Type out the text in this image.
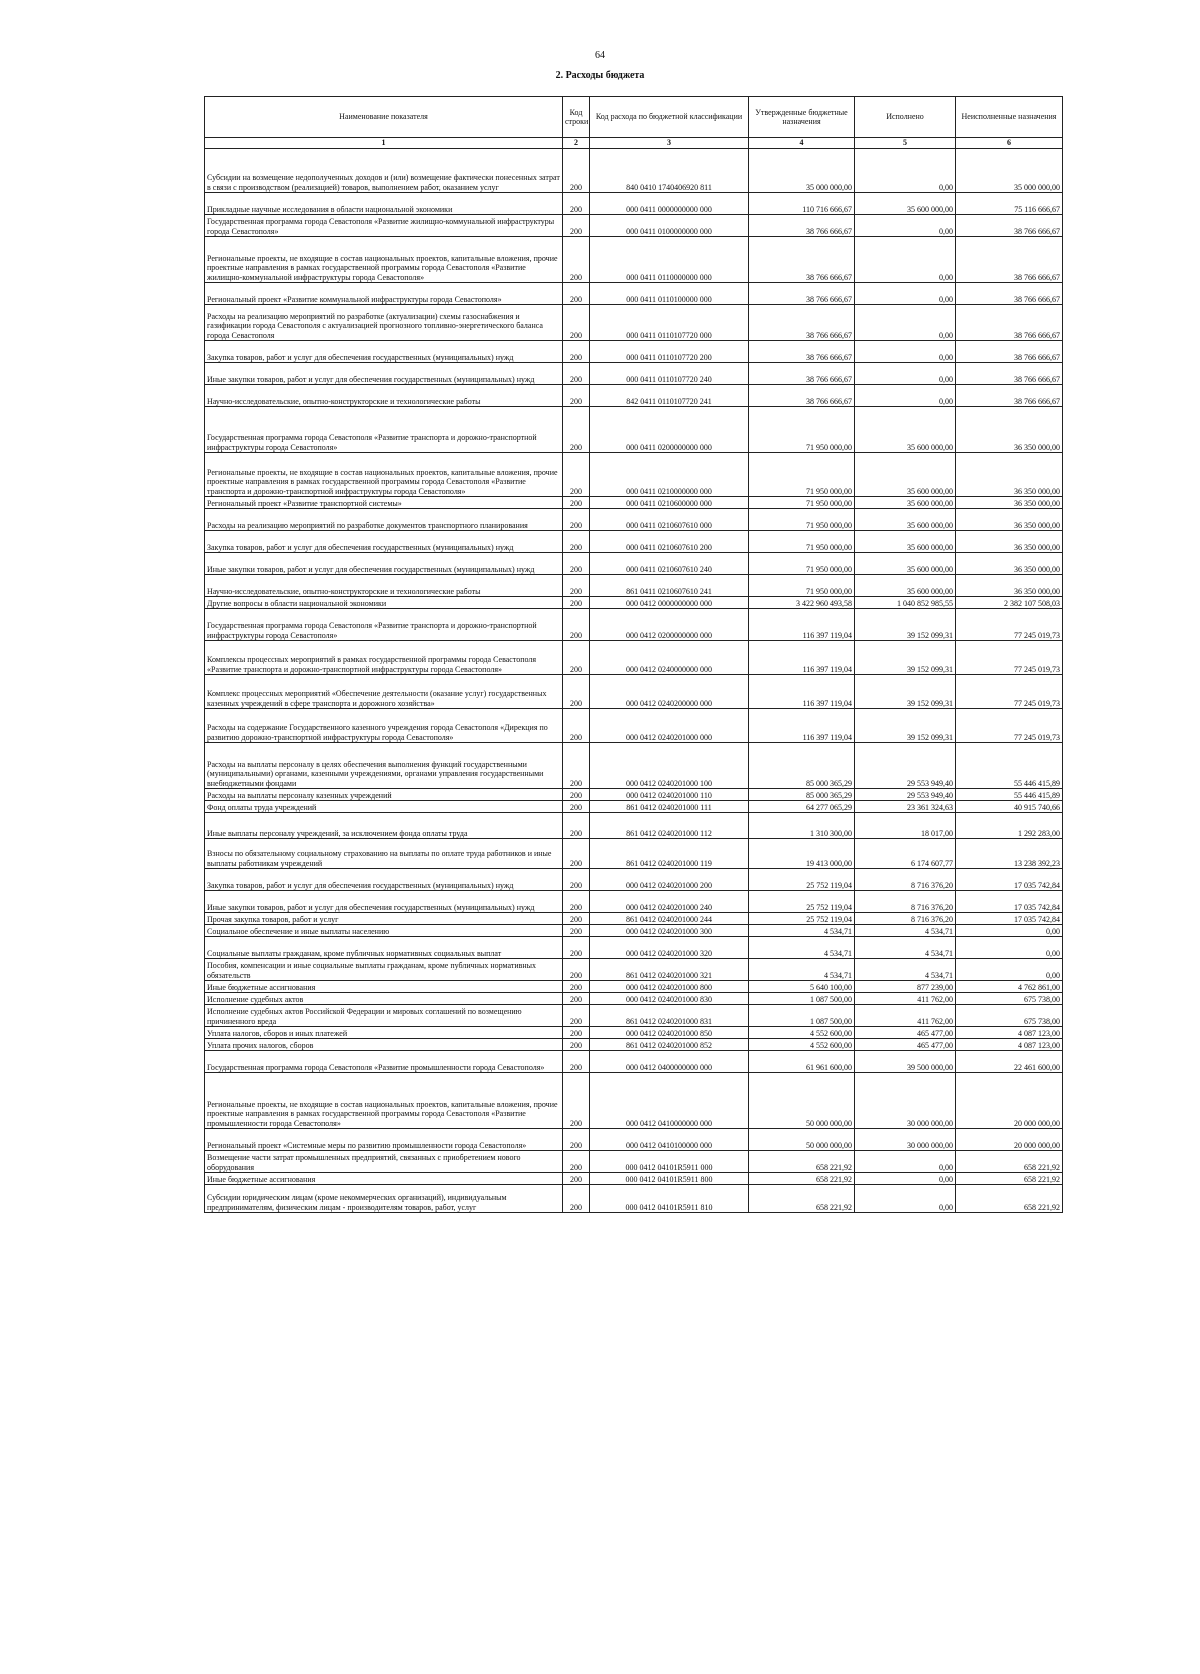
64
2. Расходы бюджета
Наименование показателя	Код строки	Код расхода по бюджетной классификации	Утвержденные бюджетные назначения	Исполнено	Неисполненные назначения
1	2	3	4	5	6
Субсидии на возмещение недополученных доходов и (или) возмещение фактически понесенных затрат в связи с производством (реализацией) товаров, выполнением работ, оказанием услуг	200	840 0410 1740406920 811	35 000 000,00	0,00	35 000 000,00
Прикладные научные исследования в области национальной экономики	200	000 0411 0000000000 000	110 716 666,67	35 600 000,00	75 116 666,67
Государственная программа города Севастополя «Развитие жилищно-коммунальной инфраструктуры города Севастополя»	200	000 0411 0100000000 000	38 766 666,67	0,00	38 766 666,67
Региональные проекты, не входящие в состав национальных проектов, капитальные вложения, прочие проектные направления в рамках государственной программы города Севастополя «Развитие жилищно-коммунальной инфраструктуры города Севастополя»	200	000 0411 0110000000 000	38 766 666,67	0,00	38 766 666,67
Региональный проект «Развитие коммунальной инфраструктуры города Севастополя»	200	000 0411 0110100000 000	38 766 666,67	0,00	38 766 666,67
Расходы на реализацию мероприятий по разработке (актуализации) схемы газоснабжения и газификации города Севастополя с актуализацией прогнозного топливно-энергетического баланса города Севастополя	200	000 0411 0110107720 000	38 766 666,67	0,00	38 766 666,67
Закупка товаров, работ и услуг для обеспечения государственных (муниципальных) нужд	200	000 0411 0110107720 200	38 766 666,67	0,00	38 766 666,67
Иные закупки товаров, работ и услуг для обеспечения государственных (муниципальных) нужд	200	000 0411 0110107720 240	38 766 666,67	0,00	38 766 666,67
Научно-исследовательские, опытно-конструкторские и технологические работы	200	842 0411 0110107720 241	38 766 666,67	0,00	38 766 666,67
Государственная программа города Севастополя «Развитие транспорта и дорожно-транспортной инфраструктуры города Севастополя»	200	000 0411 0200000000 000	71 950 000,00	35 600 000,00	36 350 000,00
Региональные проекты, не входящие в состав национальных проектов, капитальные вложения, прочие проектные направления в рамках государственной программы города Севастополя «Развитие транспорта и дорожно-транспортной инфраструктуры города Севастополя»	200	000 0411 0210000000 000	71 950 000,00	35 600 000,00	36 350 000,00
Региональный проект «Развитие транспортной системы»	200	000 0411 0210600000 000	71 950 000,00	35 600 000,00	36 350 000,00
Расходы на реализацию мероприятий по разработке документов транспортного планирования	200	000 0411 0210607610 000	71 950 000,00	35 600 000,00	36 350 000,00
Закупка товаров, работ и услуг для обеспечения государственных (муниципальных) нужд	200	000 0411 0210607610 200	71 950 000,00	35 600 000,00	36 350 000,00
Иные закупки товаров, работ и услуг для обеспечения государственных (муниципальных) нужд	200	000 0411 0210607610 240	71 950 000,00	35 600 000,00	36 350 000,00
Научно-исследовательские, опытно-конструкторские и технологические работы	200	861 0411 0210607610 241	71 950 000,00	35 600 000,00	36 350 000,00
Другие вопросы в области национальной экономики	200	000 0412 0000000000 000	3 422 960 493,58	1 040 852 985,55	2 382 107 508,03
Государственная программа города Севастополя «Развитие транспорта и дорожно-транспортной инфраструктуры города Севастополя»	200	000 0412 0200000000 000	116 397 119,04	39 152 099,31	77 245 019,73
Комплексы процессных мероприятий в рамках государственной программы города Севастополя «Развитие транспорта и дорожно-транспортной инфраструктуры города Севастополя»	200	000 0412 0240000000 000	116 397 119,04	39 152 099,31	77 245 019,73
Комплекс процессных мероприятий «Обеспечение деятельности (оказание услуг) государственных казенных учреждений в сфере транспорта и дорожного хозяйства»	200	000 0412 0240200000 000	116 397 119,04	39 152 099,31	77 245 019,73
Расходы на содержание Государственного казенного учреждения города Севастополя «Дирекция по развитию дорожно-транспортной инфраструктуры города Севастополя»	200	000 0412 0240201000 000	116 397 119,04	39 152 099,31	77 245 019,73
Расходы на выплаты персоналу в целях обеспечения выполнения функций государственными (муниципальными) органами, казенными учреждениями, органами управления государственными внебюджетными фондами	200	000 0412 0240201000 100	85 000 365,29	29 553 949,40	55 446 415,89
Расходы на выплаты персоналу казенных учреждений	200	000 0412 0240201000 110	85 000 365,29	29 553 949,40	55 446 415,89
Фонд оплаты труда учреждений	200	861 0412 0240201000 111	64 277 065,29	23 361 324,63	40 915 740,66
Иные выплаты персоналу учреждений, за исключением фонда оплаты труда	200	861 0412 0240201000 112	1 310 300,00	18 017,00	1 292 283,00
Взносы по обязательному социальному страхованию на выплаты по оплате труда работников и иные выплаты работникам учреждений	200	861 0412 0240201000 119	19 413 000,00	6 174 607,77	13 238 392,23
Закупка товаров, работ и услуг для обеспечения государственных (муниципальных) нужд	200	000 0412 0240201000 200	25 752 119,04	8 716 376,20	17 035 742,84
Иные закупки товаров, работ и услуг для обеспечения государственных (муниципальных) нужд	200	000 0412 0240201000 240	25 752 119,04	8 716 376,20	17 035 742,84
Прочая закупка товаров, работ и услуг	200	861 0412 0240201000 244	25 752 119,04	8 716 376,20	17 035 742,84
Социальное обеспечение и иные выплаты населению	200	000 0412 0240201000 300	4 534,71	4 534,71	0,00
Социальные выплаты гражданам, кроме публичных нормативных социальных выплат	200	000 0412 0240201000 320	4 534,71	4 534,71	0,00
Пособия, компенсации и иные социальные выплаты гражданам, кроме публичных нормативных обязательств	200	861 0412 0240201000 321	4 534,71	4 534,71	0,00
Иные бюджетные ассигнования	200	000 0412 0240201000 800	5 640 100,00	877 239,00	4 762 861,00
Исполнение судебных актов	200	000 0412 0240201000 830	1 087 500,00	411 762,00	675 738,00
Исполнение судебных актов Российской Федерации и мировых соглашений по возмещению причиненного вреда	200	861 0412 0240201000 831	1 087 500,00	411 762,00	675 738,00
Уплата налогов, сборов и иных платежей	200	000 0412 0240201000 850	4 552 600,00	465 477,00	4 087 123,00
Уплата прочих налогов, сборов	200	861 0412 0240201000 852	4 552 600,00	465 477,00	4 087 123,00
Государственная программа города Севастополя «Развитие промышленности города Севастополя»	200	000 0412 0400000000 000	61 961 600,00	39 500 000,00	22 461 600,00
Региональные проекты, не входящие в состав национальных проектов, капитальные вложения, прочие проектные направления в рамках государственной программы города Севастополя «Развитие промышленности города Севастополя»	200	000 0412 0410000000 000	50 000 000,00	30 000 000,00	20 000 000,00
Региональный проект «Системные меры по развитию промышленности города Севастополя»	200	000 0412 0410100000 000	50 000 000,00	30 000 000,00	20 000 000,00
Возмещение части затрат промышленных предприятий, связанных с приобретением нового оборудования	200	000 0412 04101R5911 000	658 221,92	0,00	658 221,92
Иные бюджетные ассигнования	200	000 0412 04101R5911 800	658 221,92	0,00	658 221,92
Субсидии юридическим лицам (кроме некоммерческих организаций), индивидуальным предпринимателям, физическим лицам - производителям товаров, работ, услуг	200	000 0412 04101R5911 810	658 221,92	0,00	658 221,92
